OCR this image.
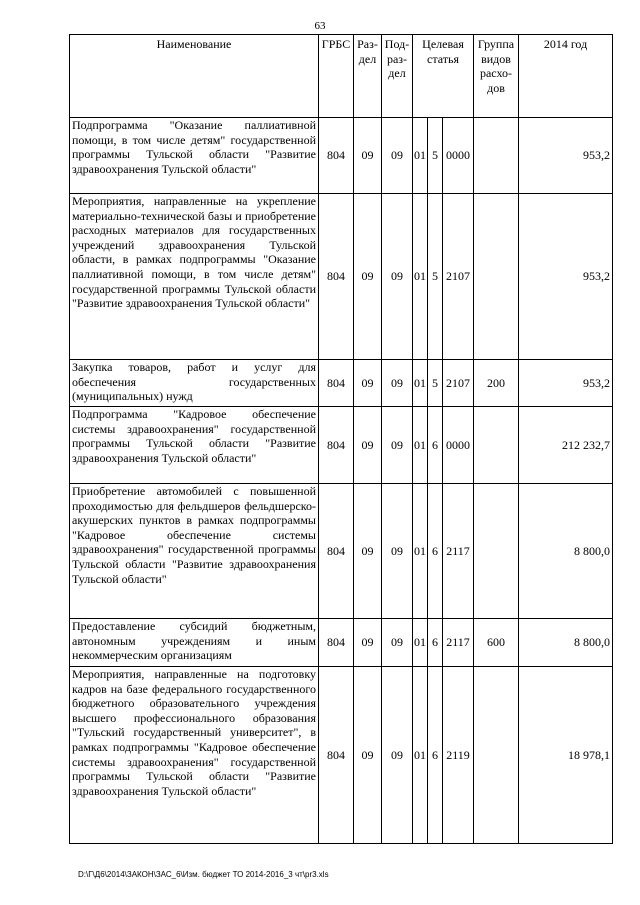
63
Наименование	ГРБС	Раз- дел	Под- раз- дел	Целевая статья			Группа видов расхо- дов	2014 год
Подпрограмма "Оказание паллиативной помощи, в том числе детям" государственной программы Тульской области "Развитие здравоохранения Тульской области"	804	09	09	01	5	0000		953,2
Мероприятия, направленные на укрепление материально-технической базы и приобретение расходных материалов для государственных учреждений здравоохранения Тульской области, в рамках подпрограммы "Оказание паллиативной помощи, в том числе детям" государственной программы Тульской области "Развитие здравоохранения Тульской области"	804	09	09	01	5	2107		953,2
Закупка товаров, работ и услуг для обеспечения государственных (муниципальных) нужд	804	09	09	01	5	2107	200	953,2
Подпрограмма "Кадровое обеспечение системы здравоохранения" государственной программы Тульской области "Развитие здравоохранения Тульской области"	804	09	09	01	6	0000		212 232,7
Приобретение автомобилей с повышенной проходимостью для фельдшеров фельдшерско-акушерских пунктов в рамках подпрограммы "Кадровое обеспечение системы здравоохранения" государственной программы Тульской области "Развитие здравоохранения Тульской области"	804	09	09	01	6	2117		8 800,0
Предоставление субсидий бюджетным, автономным учреждениям и иным некоммерческим организациям	804	09	09	01	6	2117	600	8 800,0
Мероприятия, направленные на подготовку кадров на базе федерального государственного бюджетного образовательного учреждения высшего профессионального образования "Тульский государственный университет", в рамках подпрограммы "Кадровое обеспечение системы здравоохранения" государственной программы Тульской области "Развитие здравоохранения Тульской области"	804	09	09	01	6	2119		18 978,1
D:\Г\Д6\2014\ЗАКОН\ЗАС_6\Изм. бюджет ТО 2014-2016_3 чт\pr3.xls
